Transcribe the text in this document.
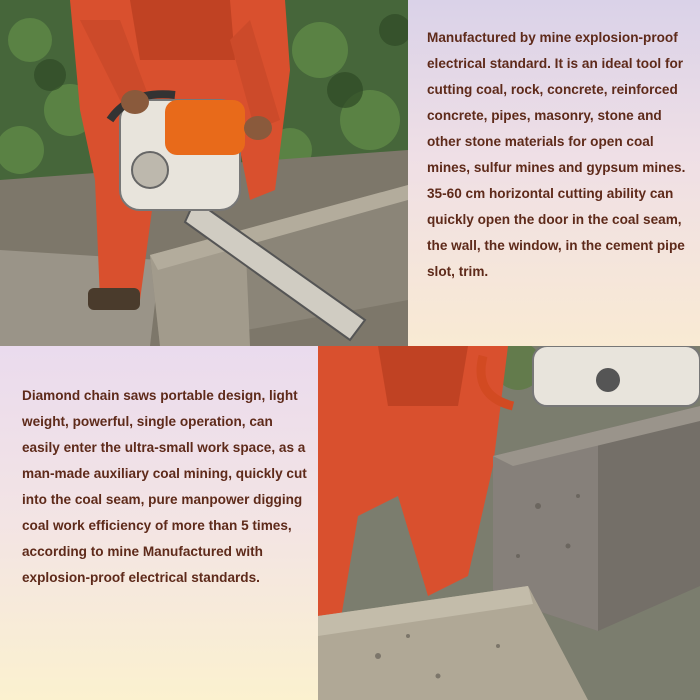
Manufactured by mine explosion-proof electrical standard. It is an ideal tool for cutting coal, rock, concrete, reinforced concrete, pipes, masonry, stone and other stone materials for open coal mines, sulfur mines and gypsum mines. 35-60 cm horizontal cutting ability can quickly open the door in the coal seam, the wall, the window, in the cement pipe slot, trim.

Diamond chain saws portable design, light weight, powerful, single operation, can easily enter the ultra-small work space, as a man-made auxiliary coal mining, quickly cut into the coal seam, pure manpower digging coal work efficiency of more than 5 times, according to mine Manufactured with explosion-proof electrical standards.
